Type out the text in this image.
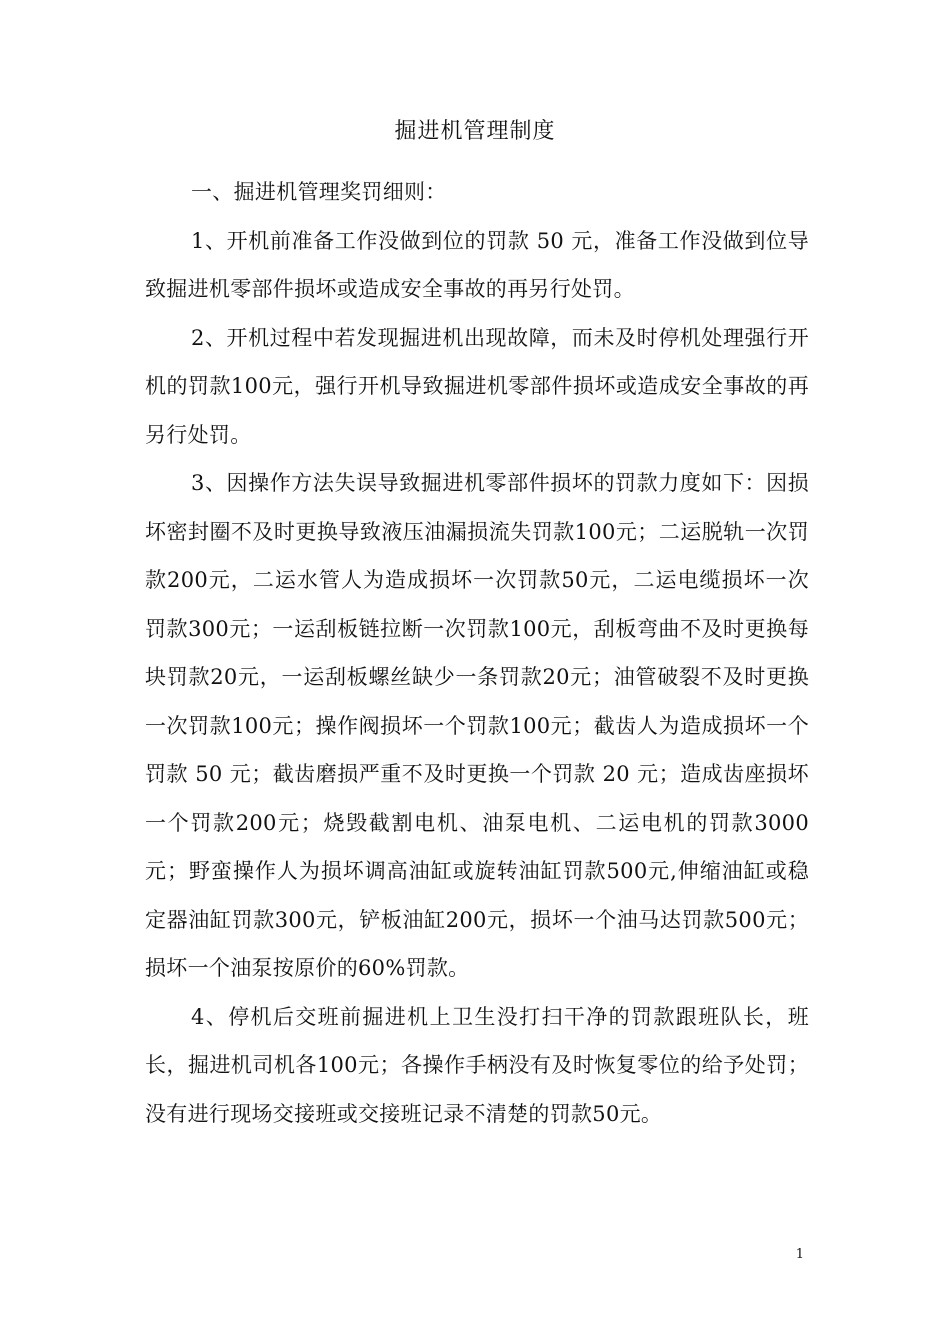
掘进机管理制度

一、掘进机管理奖罚细则：

1、开机前准备工作没做到位的罚款 50 元，准备工作没做到位导致掘进机零部件损坏或造成安全事故的再另行处罚。

2、开机过程中若发现掘进机出现故障，而未及时停机处理强行开机的罚款100元，强行开机导致掘进机零部件损坏或造成安全事故的再另行处罚。

3、因操作方法失误导致掘进机零部件损坏的罚款力度如下：因损坏密封圈不及时更换导致液压油漏损流失罚款100元；二运脱轨一次罚款200元，二运水管人为造成损坏一次罚款50元，二运电缆损坏一次罚款300元；一运刮板链拉断一次罚款100元，刮板弯曲不及时更换每块罚款20元，一运刮板螺丝缺少一条罚款20元；油管破裂不及时更换一次罚款100元；操作阀损坏一个罚款100元；截齿人为造成损坏一个罚款 50 元；截齿磨损严重不及时更换一个罚款 20 元；造成齿座损坏一个罚款200元；烧毁截割电机、油泵电机、二运电机的罚款3000元；野蛮操作人为损坏调高油缸或旋转油缸罚款500元,伸缩油缸或稳定器油缸罚款300元，铲板油缸200元，损坏一个油马达罚款500元；损坏一个油泵按原价的60%罚款。

4、停机后交班前掘进机上卫生没打扫干净的罚款跟班队长，班长，掘进机司机各100元；各操作手柄没有及时恢复零位的给予处罚；没有进行现场交接班或交接班记录不清楚的罚款50元。

1
